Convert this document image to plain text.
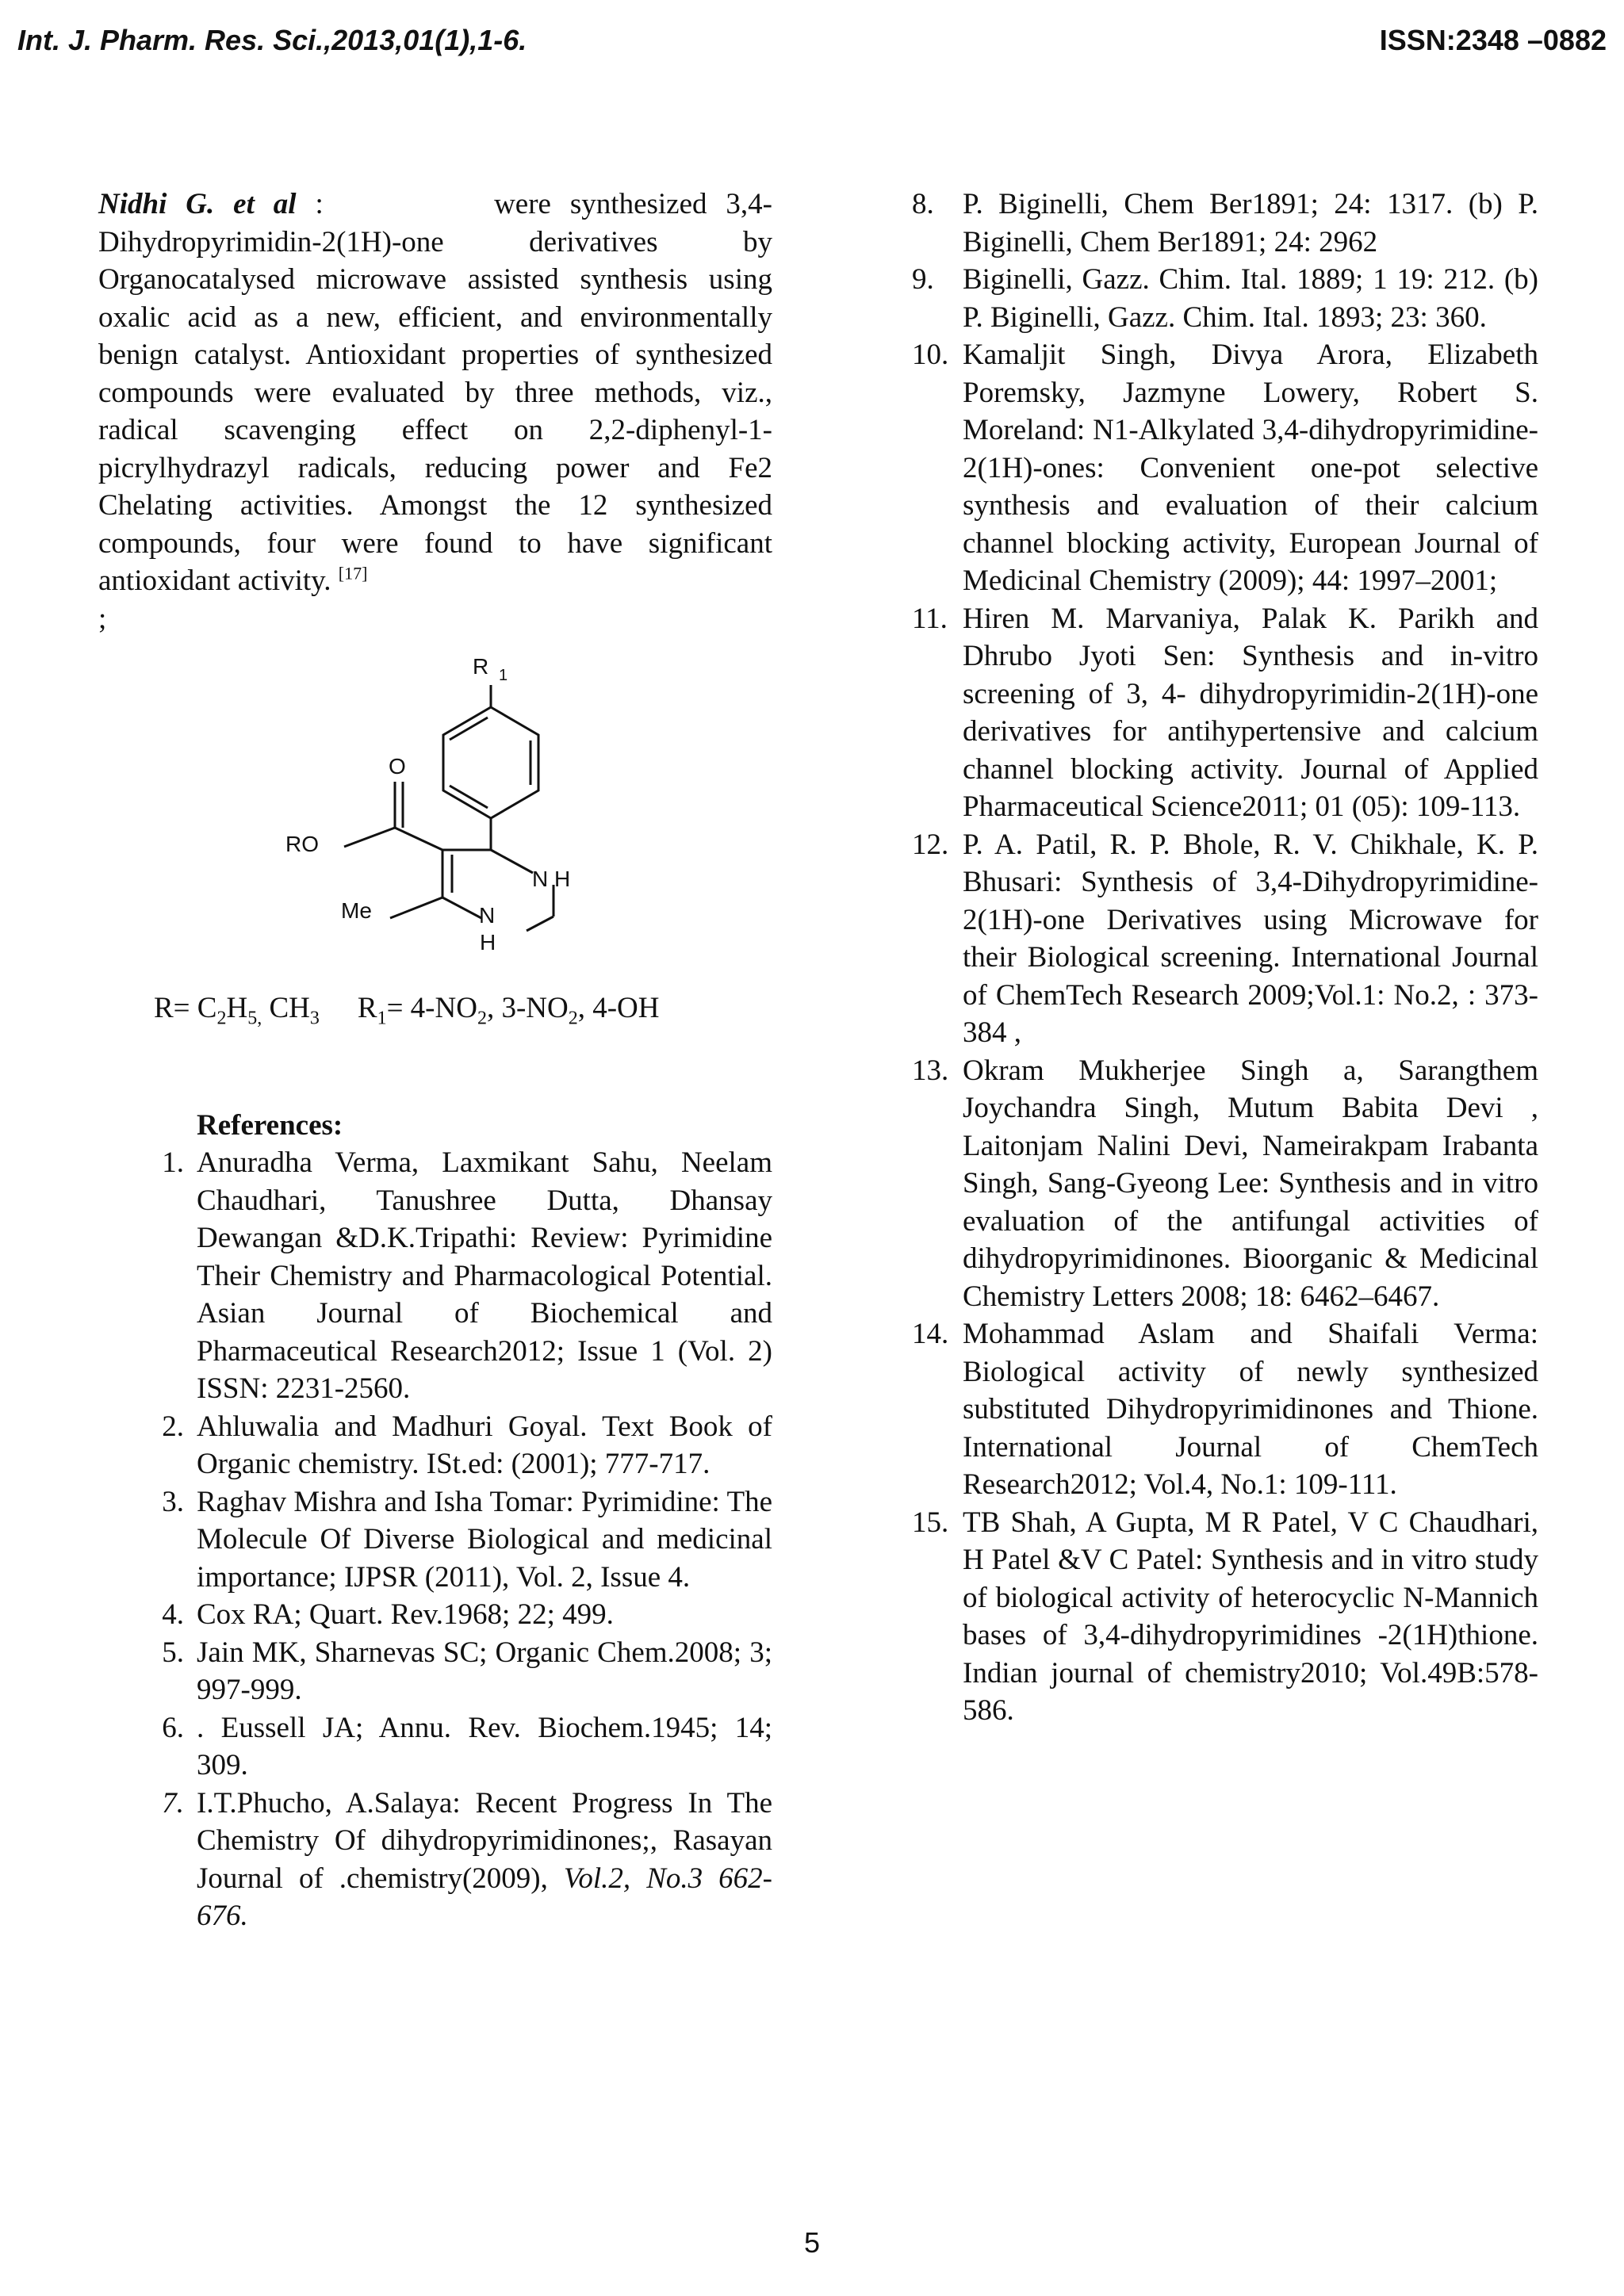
Int. J. Pharm. Res. Sci.,2013,01(1),1-6.	ISSN:2348 –0882

Nidhi G. et al :	were synthesized 3,4-Dihydropyrimidin-2(1H)-one derivatives by Organocatalysed microwave assisted synthesis using oxalic acid as a new, efficient, and environmentally benign catalyst. Antioxidant properties of synthesized compounds were evaluated by three methods, viz., radical scavenging effect on 2,2-diphenyl-1-picrylhydrazyl radicals, reducing power and Fe2 Chelating activities. Amongst the 12 synthesized compounds, four were found to have significant antioxidant activity. [17]

;

R 1
O
RO
N H
Me	N
H

$R= C_2H_{5,}$ $CH_3$ $R_1= 4-NO_2$, $3-NO_2$, 4-OH

References:
1. Anuradha Verma, Laxmikant Sahu, Neelam Chaudhari, Tanushree Dutta, Dhansay Dewangan &D.K.Tripathi: Review: Pyrimidine Their Chemistry and Pharmacological Potential. Asian Journal of Biochemical and Pharmaceutical Research2012; Issue 1 (Vol. 2) ISSN: 2231-2560.
2. Ahluwalia and Madhuri Goyal. Text Book of Organic chemistry. ISt.ed: (2001); 777-717.
3. Raghav Mishra and Isha Tomar: Pyrimidine: The Molecule Of Diverse Biological and medicinal importance; IJPSR (2011), Vol. 2, Issue 4.
4. Cox RA; Quart. Rev.1968; 22; 499.
5. Jain MK, Sharnevas SC; Organic Chem.2008; 3; 997-999.
6. . Eussell JA; Annu. Rev. Biochem.1945; 14; 309.
7. I.T.Phucho, A.Salaya: Recent Progress In The Chemistry Of dihydropyrimidinones;, Rasayan Journal of .chemistry(2009), Vol.2, No.3 662-676.
8. P. Biginelli, Chem Ber1891; 24: 1317. (b) P. Biginelli, Chem Ber1891; 24: 2962
9. Biginelli, Gazz. Chim. Ital. 1889; 1 19: 212. (b) P. Biginelli, Gazz. Chim. Ital. 1893; 23: 360.
10. Kamaljit Singh, Divya Arora, Elizabeth Poremsky, Jazmyne Lowery, Robert S. Moreland: N1-Alkylated 3,4-dihydropyrimidine-2(1H)-ones: Convenient one-pot selective synthesis and evaluation of their calcium channel blocking activity, European Journal of Medicinal Chemistry (2009); 44: 1997–2001;
11. Hiren M. Marvaniya, Palak K. Parikh and Dhrubo Jyoti Sen: Synthesis and in-vitro screening of 3, 4- dihydropyrimidin-2(1H)-one derivatives for antihypertensive and calcium channel blocking activity. Journal of Applied Pharmaceutical Science2011; 01 (05): 109-113.
12. P. A. Patil, R. P. Bhole, R. V. Chikhale, K. P. Bhusari: Synthesis of 3,4-Dihydropyrimidine-2(1H)-one Derivatives using Microwave for their Biological screening. International Journal of ChemTech Research 2009;Vol.1: No.2, : 373-384 ,
13. Okram Mukherjee Singh a, Sarangthem Joychandra Singh, Mutum Babita Devi , Laitonjam Nalini Devi, Nameirakpam Irabanta Singh, Sang-Gyeong Lee: Synthesis and in vitro evaluation of the antifungal activities of dihydropyrimidinones. Bioorganic & Medicinal Chemistry Letters 2008; 18: 6462–6467.
14. Mohammad Aslam and Shaifali Verma: Biological activity of newly synthesized substituted Dihydropyrimidinones and Thione. International Journal of ChemTech Research2012; Vol.4, No.1: 109-111.
15. TB Shah, A Gupta, M R Patel, V C Chaudhari, H Patel &V C Patel: Synthesis and in vitro study of biological activity of heterocyclic N-Mannich bases of 3,4-dihydropyrimidines -2(1H)thione. Indian journal of chemistry2010; Vol.49B:578-586.
5
